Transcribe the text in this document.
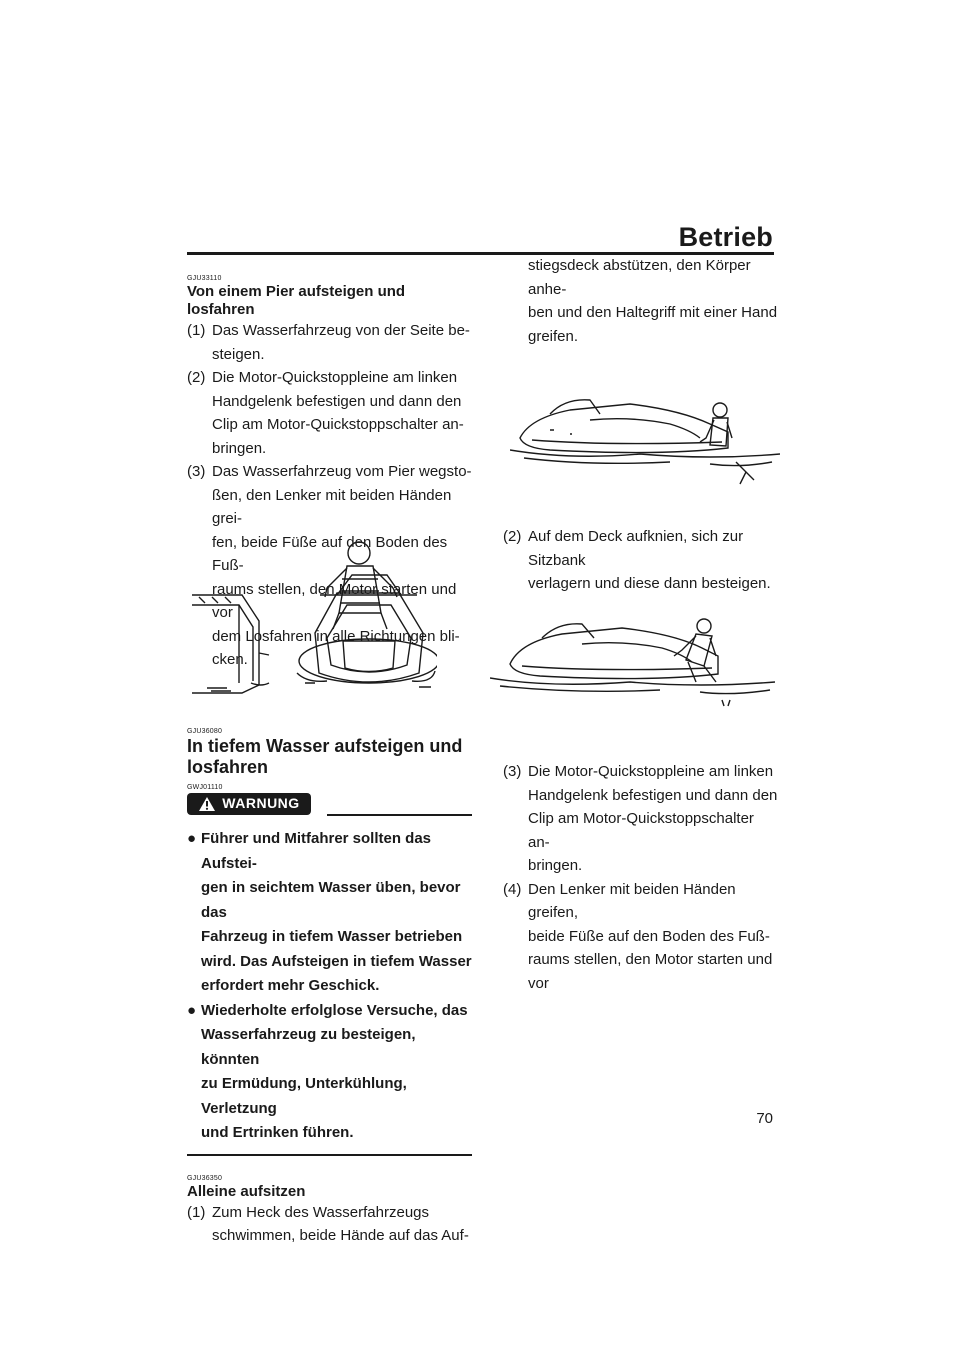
Betrieb
GJU33110
Von einem Pier aufsteigen und losfahren
(1) Das Wasserfahrzeug von der Seite be-
steigen.
(2) Die Motor-Quickstoppleine am linken
Handgelenk befestigen und dann den
Clip am Motor-Quickstoppschalter an-
bringen.
(3) Das Wasserfahrzeug vom Pier wegsto-
ßen, den Lenker mit beiden Händen grei-
fen, beide Füße auf den Boden des Fuß-
raums stellen, den Motor starten und vor
dem Losfahren in alle Richtungen bli-
cken.
GJU36080
In tiefem Wasser aufsteigen und
losfahren
GWJ01110
WARNUNG
● Führer und Mitfahrer sollten das Aufstei-
gen in seichtem Wasser üben, bevor das
Fahrzeug in tiefem Wasser betrieben
wird. Das Aufsteigen in tiefem Wasser
erfordert mehr Geschick.
● Wiederholte erfolglose Versuche, das
Wasserfahrzeug zu besteigen, könnten
zu Ermüdung, Unterkühlung, Verletzung
und Ertrinken führen.
GJU36350
Alleine aufsitzen
(1) Zum Heck des Wasserfahrzeugs
schwimmen, beide Hände auf das Auf-
stiegsdeck abstützen, den Körper anhe-
ben und den Haltegriff mit einer Hand
greifen.
(2) Auf dem Deck aufknien, sich zur Sitzbank
verlagern und diese dann besteigen.
(3) Die Motor-Quickstoppleine am linken
Handgelenk befestigen und dann den
Clip am Motor-Quickstoppschalter an-
bringen.
(4) Den Lenker mit beiden Händen greifen,
beide Füße auf den Boden des Fuß-
raums stellen, den Motor starten und vor
70
